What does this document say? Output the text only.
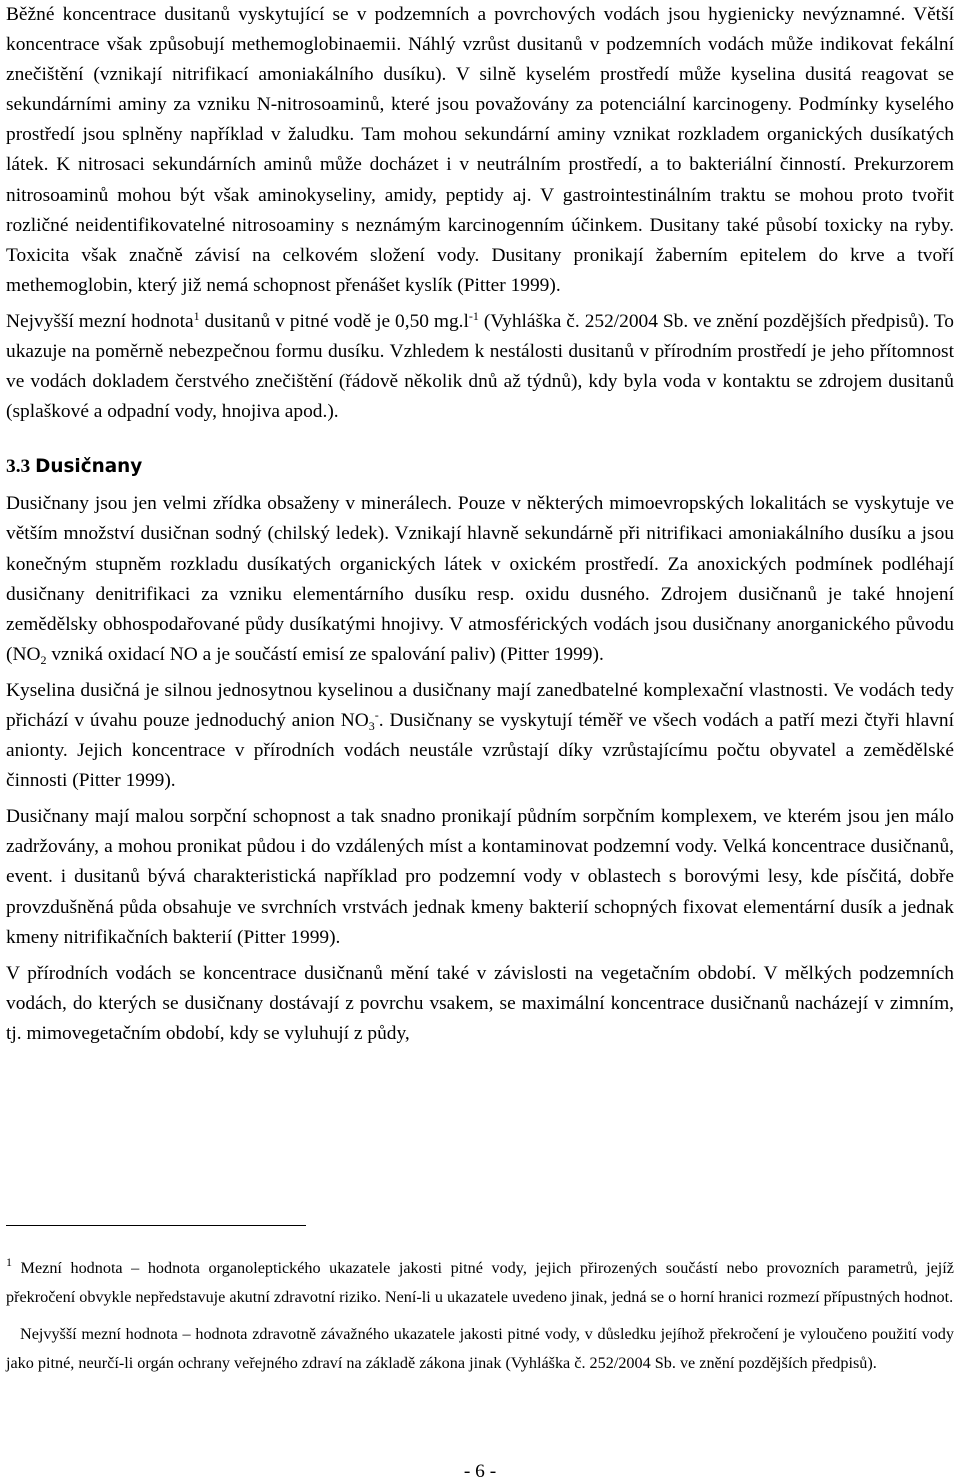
Běžné koncentrace dusitanů vyskytující se v podzemních a povrchových vodách jsou hygienicky nevýznamné. Větší koncentrace však způsobují methemoglobinaemii. Náhlý vzrůst dusitanů v podzemních vodách může indikovat fekální znečištění (vznikají nitrifikací amoniakálního dusíku). V silně kyselém prostředí může kyselina dusitá reagovat se sekundárními aminy za vzniku N-nitrosoaminů, které jsou považovány za potenciální karcinogeny. Podmínky kyselého prostředí jsou splněny například v žaludku. Tam mohou sekundární aminy vznikat rozkladem organických dusíkatých látek. K nitrosaci sekundárních aminů může docházet i v neutrálním prostředí, a to bakteriální činností. Prekurzorem nitrosoaminů mohou být však aminokyseliny, amidy, peptidy aj. V gastrointestinálním traktu se mohou proto tvořit rozličné neidentifikovatelné nitrosoaminy s neznámým karcinogenním účinkem. Dusitany také působí toxicky na ryby. Toxicita však značně závisí na celkovém složení vody. Dusitany pronikají žaberním epitelem do krve a tvoří methemoglobin, který již nemá schopnost přenášet kyslík (Pitter 1999).

Nejvyšší mezní hodnota$^1$ dusitanů v pitné vodě je 0,50 $mg.l^{-1}$ (Vyhláška č. 252/2004 Sb. ve znění pozdějších předpisů). To ukazuje na poměrně nebezpečnou formu dusíku. Vzhledem k nestálosti dusitanů v přírodním prostředí je jeho přítomnost ve vodách dokladem čerstvého znečištění (řádově několik dnů až týdnů), kdy byla voda v kontaktu se zdrojem dusitanů (splaškové a odpadní vody, hnojiva apod.).

3.3 Dusičnany

Dusičnany jsou jen velmi zřídka obsaženy v minerálech. Pouze v některých mimoevropských lokalitách se vyskytuje ve větším množství dusičnan sodný (chilský ledek). Vznikají hlavně sekundárně při nitrifikaci amoniakálního dusíku a jsou konečným stupněm rozkladu dusíkatých organických látek v oxickém prostředí. Za anoxických podmínek podléhají dusičnany denitrifikaci za vzniku elementárního dusíku resp. oxidu dusného. Zdrojem dusičnanů je také hnojení zemědělsky obhospodařované půdy dusíkatými hnojivy. V atmosférických vodách jsou dusičnany anorganického původu ($NO_2$ vzniká oxidací NO a je součástí emisí ze spalování paliv) (Pitter 1999).

Kyselina dusičná je silnou jednosytnou kyselinou a dusičnany mají zanedbatelné komplexační vlastnosti. Ve vodách tedy přichází v úvahu pouze jednoduchý anion $NO_3^-$. Dusičnany se vyskytují téměř ve všech vodách a patří mezi čtyři hlavní anionty. Jejich koncentrace v přírodních vodách neustále vzrůstají díky vzrůstajícímu počtu obyvatel a zemědělské činnosti (Pitter 1999).

Dusičnany mají malou sorpční schopnost a tak snadno pronikají půdním sorpčním komplexem, ve kterém jsou jen málo zadržovány, a mohou pronikat půdou i do vzdálených míst a kontaminovat podzemní vody. Velká koncentrace dusičnanů, event. i dusitanů bývá charakteristická například pro podzemní vody v oblastech s borovými lesy, kde písčitá, dobře provzdušněná půda obsahuje ve svrchních vrstvách jednak kmeny bakterií schopných fixovat elementární dusík a jednak kmeny nitrifikačních bakterií (Pitter 1999).

V přírodních vodách se koncentrace dusičnanů mění také v závislosti na vegetačním období. V mělkých podzemních vodách, do kterých se dusičnany dostávají z povrchu vsakem, se maximální koncentrace dusičnanů nacházejí v zimním, tj. mimovegetačním období, kdy se vyluhují z půdy,

$^1$ Mezní hodnota – hodnota organoleptického ukazatele jakosti pitné vody, jejich přirozených součástí nebo provozních parametrů, jejíž překročení obvykle nepředstavuje akutní zdravotní riziko. Není-li u ukazatele uvedeno jinak, jedná se o horní hranici rozmezí přípustných hodnot.

Nejvyšší mezní hodnota – hodnota zdravotně závažného ukazatele jakosti pitné vody, v důsledku jejíhož překročení je vyloučeno použití vody jako pitné, neurčí-li orgán ochrany veřejného zdraví na základě zákona jinak (Vyhláška č. 252/2004 Sb. ve znění pozdějších předpisů).

- 6 -
